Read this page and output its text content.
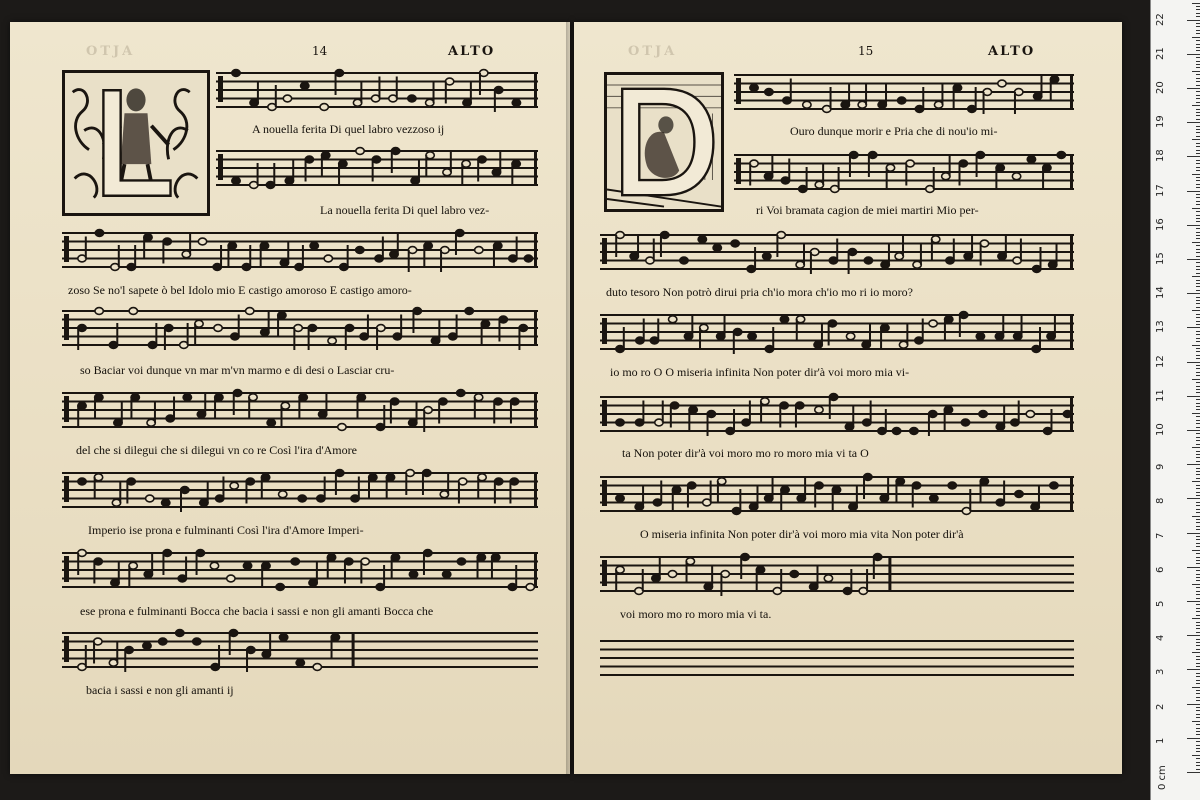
OTJA	14	ALTO
A nouella ferita Di quel labro vezzoso ij
La nouella ferita Di quel labro vez-
zoso Se no'l sapete ò bel Idolo mio E castigo amoroso E castigo amoro-
so Baciar voi dunque vn mar m'vn marmo e di desi o Lasciar cru-
del che si dilegui che si dilegui vn co re Così l'ira d'Amore
Imperio ise prona e fulminanti Così l'ira d'Amore Imperi-
ese prona e fulminanti Bocca che bacia i sassi e non gli amanti Bocca che
bacia i sassi e non gli amanti ij
OTJA	15	ALTO
Ouro dunque morir e Pria che di nou'io mi-
ri Voi bramata cagion de miei martiri Mio per-
duto tesoro Non potrò dirui pria ch'io mora ch'io mo ri io moro?
io mo ro O O miseria infinita Non poter dir'à voi moro mia vi-
ta Non poter dir'à voi moro mo ro moro mia vi ta O
O miseria infinita Non poter dir'à voi moro mia vita Non poter dir'à
voi moro mo ro moro mia vi ta.
0 cm
1
2
3
4
5
6
7
8
9
10
11
12
13
14
15
16
17
18
19
20
21
22
